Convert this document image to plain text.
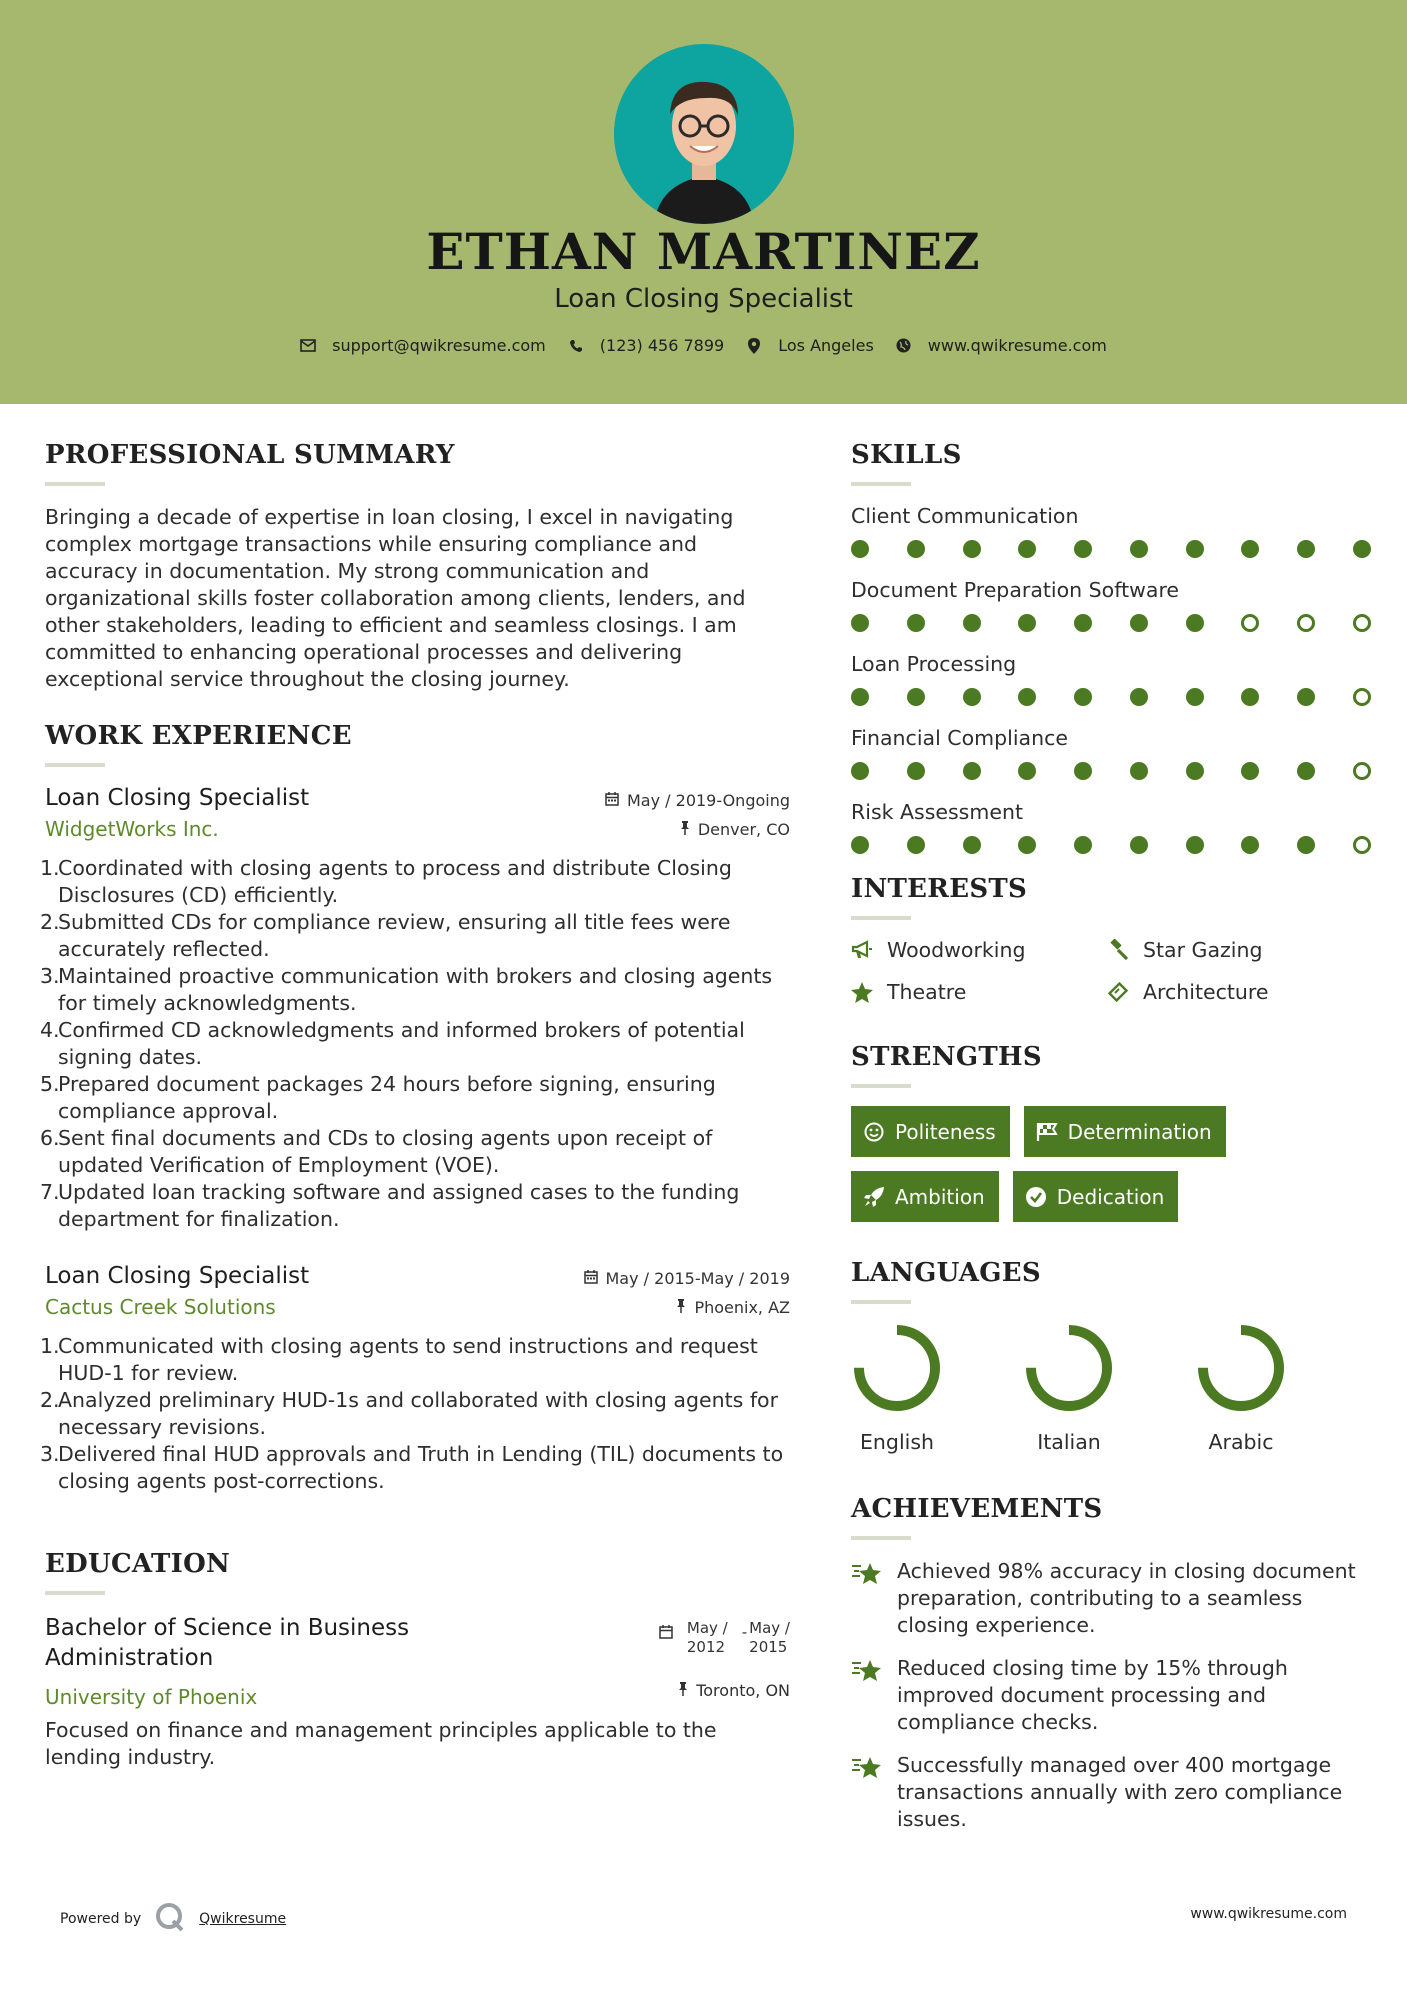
ETHAN MARTINEZ
Loan Closing Specialist
support@qwikresume.com	(123) 456 7899	Los Angeles	www.qwikresume.com
PROFESSIONAL SUMMARY
Bringing a decade of expertise in loan closing, I excel in navigating complex mortgage transactions while ensuring compliance and accuracy in documentation. My strong communication and organizational skills foster collaboration among clients, lenders, and other stakeholders, leading to efficient and seamless closings. I am committed to enhancing operational processes and delivering exceptional service throughout the closing journey.
WORK EXPERIENCE
Loan Closing Specialist
WidgetWorks Inc.
May / 2019-Ongoing
Denver, CO
1.
Coordinated with closing agents to process and distribute Closing Disclosures (CD) efficiently.
2.
Submitted CDs for compliance review, ensuring all title fees were accurately reflected.
3.
Maintained proactive communication with brokers and closing agents for timely acknowledgments.
4.
Confirmed CD acknowledgments and informed brokers of potential signing dates.
5.
Prepared document packages 24 hours before signing, ensuring compliance approval.
6.
Sent final documents and CDs to closing agents upon receipt of updated Verification of Employment (VOE).
7.
Updated loan tracking software and assigned cases to the funding department for finalization.
Loan Closing Specialist
Cactus Creek Solutions
May / 2015-May / 2019
Phoenix, AZ
1.
Communicated with closing agents to send instructions and request HUD-1 for review.
2.
Analyzed preliminary HUD-1s and collaborated with closing agents for necessary revisions.
3.
Delivered final HUD approvals and Truth in Lending (TIL) documents to closing agents post-corrections.
EDUCATION
Bachelor of Science in Business Administration
University of Phoenix
May /
2012
- May /
2015
Toronto, ON
Focused on finance and management principles applicable to the lending industry.
SKILLS
Client Communication
Document Preparation Software
Loan Processing
Financial Compliance
Risk Assessment
INTERESTS
Woodworking	Star Gazing
Theatre	Architecture
STRENGTHS
Politeness	Determination
Ambition	Dedication
LANGUAGES
English	Italian	Arabic
ACHIEVEMENTS
Achieved 98% accuracy in closing document preparation, contributing to a seamless closing experience.
Reduced closing time by 15% through improved document processing and compliance checks.
Successfully managed over 400 mortgage transactions annually with zero compliance issues.
Powered by	Qwikresume	www.qwikresume.com
